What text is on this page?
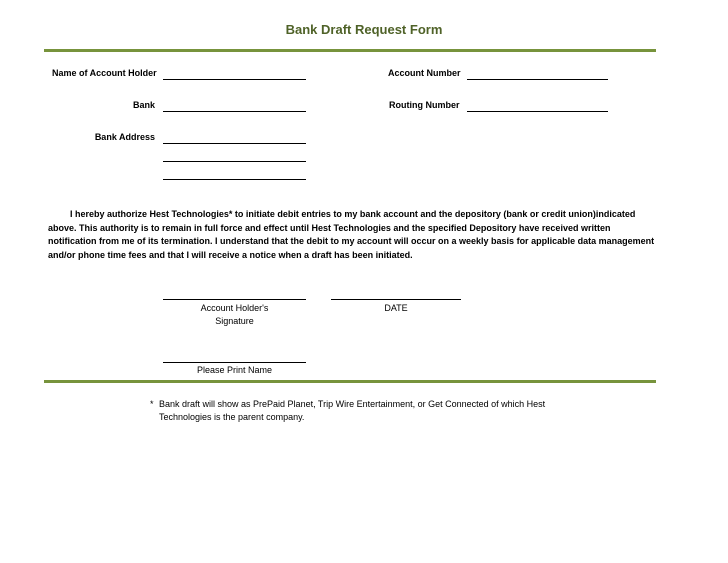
Bank Draft Request Form
Name of Account Holder	Account Number
Bank	Routing Number
Bank Address
I hereby authorize Hest Technologies* to initiate debit entries to my bank account and the depository (bank or credit union)indicated above. This authority is to remain in full force and effect until Hest Technologies and the specified Depository have received written notification from me of its termination. I understand that the debit to my account will occur on a weekly basis for applicable data management and/or phone time fees and that I will receive a notice when a draft has been initiated.
Account Holder's
Signature
DATE
Please Print Name
* Bank draft will show as PrePaid Planet, Trip Wire Entertainment, or Get Connected of which Hest
Technologies is the parent company.
